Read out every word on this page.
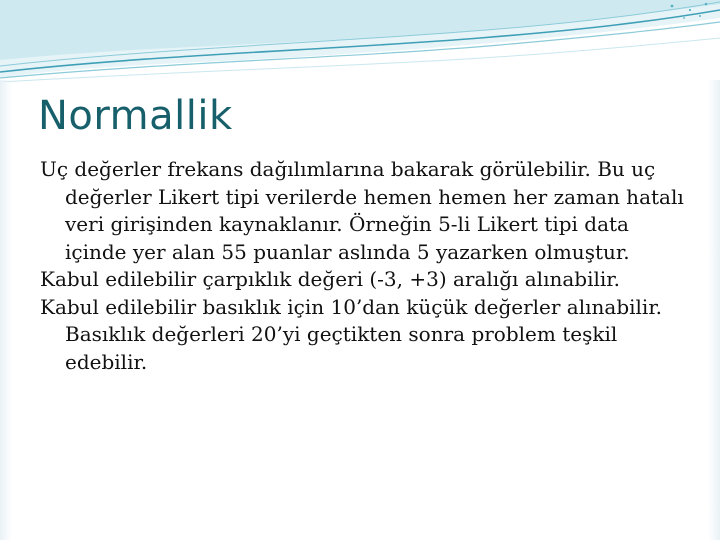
Normallik

Uç değerler frekans dağılımlarına bakarak görülebilir. Bu uç değerler Likert tipi verilerde hemen hemen her zaman hatalı veri girişinden kaynaklanır. Örneğin 5-li Likert tipi data içinde yer alan 55 puanlar aslında 5 yazarken olmuştur.

Kabul edilebilir çarpıklık değeri (-3, +3) aralığı alınabilir.

Kabul edilebilir basıklık için 10’dan küçük değerler alınabilir. Basıklık değerleri 20’yi geçtikten sonra problem teşkil edebilir.
